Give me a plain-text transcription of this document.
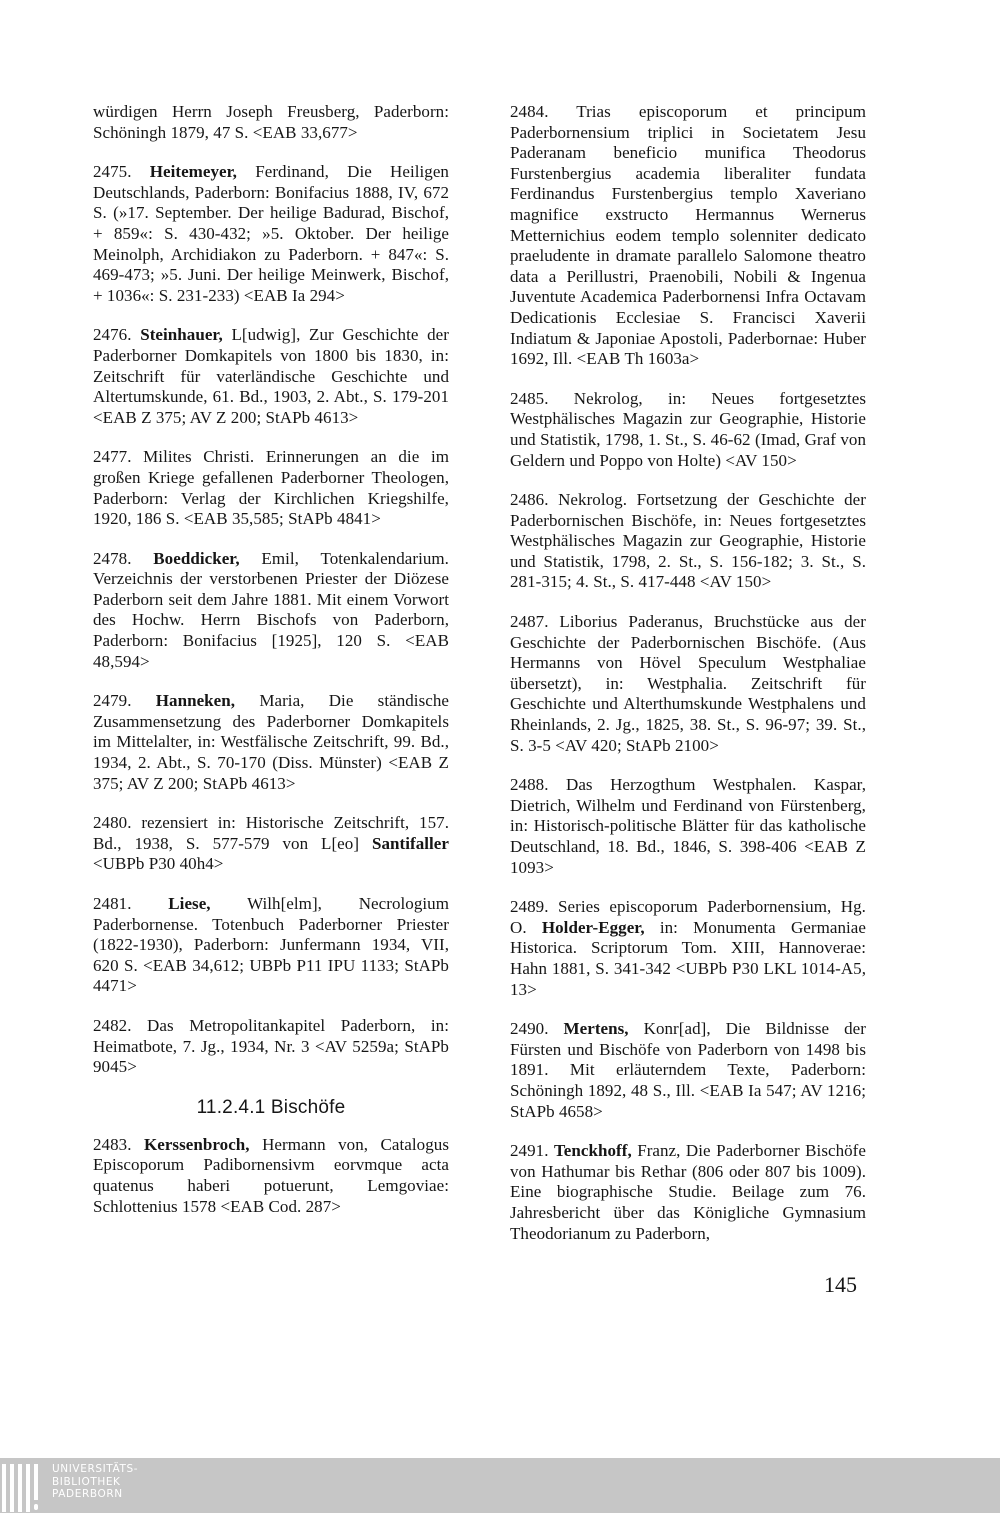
würdigen Herrn Joseph Freusberg, Paderborn: Schöningh 1879, 47 S. <EAB 33,677>

2475. Heitemeyer, Ferdinand, Die Heiligen Deutschlands, Paderborn: Bonifacius 1888, IV, 672 S. (»17. September. Der heilige Badurad, Bischof, + 859«: S. 430-432; »5. Oktober. Der heilige Meinolph, Archidiakon zu Paderborn. + 847«: S. 469-473; »5. Juni. Der heilige Meinwerk, Bischof, + 1036«: S. 231-233) <EAB Ia 294>

2476. Steinhauer, L[udwig], Zur Geschichte der Paderborner Domkapitels von 1800 bis 1830, in: Zeitschrift für vaterländische Geschichte und Altertumskunde, 61. Bd., 1903, 2. Abt., S. 179-201 <EAB Z 375; AV Z 200; StAPb 4613>

2477. Milites Christi. Erinnerungen an die im großen Kriege gefallenen Paderborner Theologen, Paderborn: Verlag der Kirchlichen Kriegshilfe, 1920, 186 S. <EAB 35,585; StAPb 4841>

2478. Boeddicker, Emil, Totenkalendarium. Verzeichnis der verstorbenen Priester der Diözese Paderborn seit dem Jahre 1881. Mit einem Vorwort des Hochw. Herrn Bischofs von Paderborn, Paderborn: Bonifacius [1925], 120 S. <EAB 48,594>

2479. Hanneken, Maria, Die ständische Zusammensetzung des Paderborner Domkapitels im Mittelalter, in: Westfälische Zeitschrift, 99. Bd., 1934, 2. Abt., S. 70-170 (Diss. Münster) <EAB Z 375; AV Z 200; StAPb 4613>

2480. rezensiert in: Historische Zeitschrift, 157. Bd., 1938, S. 577-579 von L[eo] Santifaller <UBPb P30 40h4>

2481. Liese, Wilh[elm], Necrologium Paderbornense. Totenbuch Paderborner Priester (1822-1930), Paderborn: Junfermann 1934, VII, 620 S. <EAB 34,612; UBPb P11 IPU 1133; StAPb 4471>

2482. Das Metropolitankapitel Paderborn, in: Heimatbote, 7. Jg., 1934, Nr. 3 <AV 5259a; StAPb 9045>

11.2.4.1 Bischöfe

2483. Kerssenbroch, Hermann von, Catalogus Episcoporum Padibornensivm eorvmque acta quatenus haberi potuerunt, Lemgoviae: Schlottenius 1578 <EAB Cod. 287>

2484. Trias episcoporum et principum Paderbornensium triplici in Societatem Jesu Paderanam beneficio munifica Theodorus Furstenbergius academia liberaliter fundata Ferdinandus Furstenbergius templo Xaveriano magnifice exstructo Hermannus Wernerus Metternichius eodem templo solenniter dedicato praeludente in dramate parallelo Salomone theatro data a Perillustri, Praenobili, Nobili & Ingenua Juventute Academica Paderbornensi Infra Octavam Dedicationis Ecclesiae S. Francisci Xaverii Indiatum & Japoniae Apostoli, Paderbornae: Huber 1692, Ill. <EAB Th 1603a>

2485. Nekrolog, in: Neues fortgesetztes Westphälisches Magazin zur Geographie, Historie und Statistik, 1798, 1. St., S. 46-62 (Imad, Graf von Geldern und Poppo von Holte) <AV 150>

2486. Nekrolog. Fortsetzung der Geschichte der Paderbornischen Bischöfe, in: Neues fortgesetztes Westphälisches Magazin zur Geographie, Historie und Statistik, 1798, 2. St., S. 156-182; 3. St., S. 281-315; 4. St., S. 417-448 <AV 150>

2487. Liborius Paderanus, Bruchstücke aus der Geschichte der Paderbornischen Bischöfe. (Aus Hermanns von Hövel Speculum Westphaliae übersetzt), in: Westphalia. Zeitschrift für Geschichte und Alterthumskunde Westphalens und Rheinlands, 2. Jg., 1825, 38. St., S. 96-97; 39. St., S. 3-5 <AV 420; StAPb 2100>

2488. Das Herzogthum Westphalen. Kaspar, Dietrich, Wilhelm und Ferdinand von Fürstenberg, in: Historisch-politische Blätter für das katholische Deutschland, 18. Bd., 1846, S. 398-406 <EAB Z 1093>

2489. Series episcoporum Paderbornensium, Hg. O. Holder-Egger, in: Monumenta Germaniae Historica. Scriptorum Tom. XIII, Hannoverae: Hahn 1881, S. 341-342 <UBPb P30 LKL 1014-A5, 13>

2490. Mertens, Konr[ad], Die Bildnisse der Fürsten und Bischöfe von Paderborn von 1498 bis 1891. Mit erläuterndem Texte, Paderborn: Schöningh 1892, 48 S., Ill. <EAB Ia 547; AV 1216; StAPb 4658>

2491. Tenckhoff, Franz, Die Paderborner Bischöfe von Hathumar bis Rethar (806 oder 807 bis 1009). Eine biographische Studie. Beilage zum 76. Jahresbericht über das Königliche Gymnasium Theodorianum zu Paderborn,

145
UNIVERSITÄTS-
BIBLIOTHEK
PADERBORN
